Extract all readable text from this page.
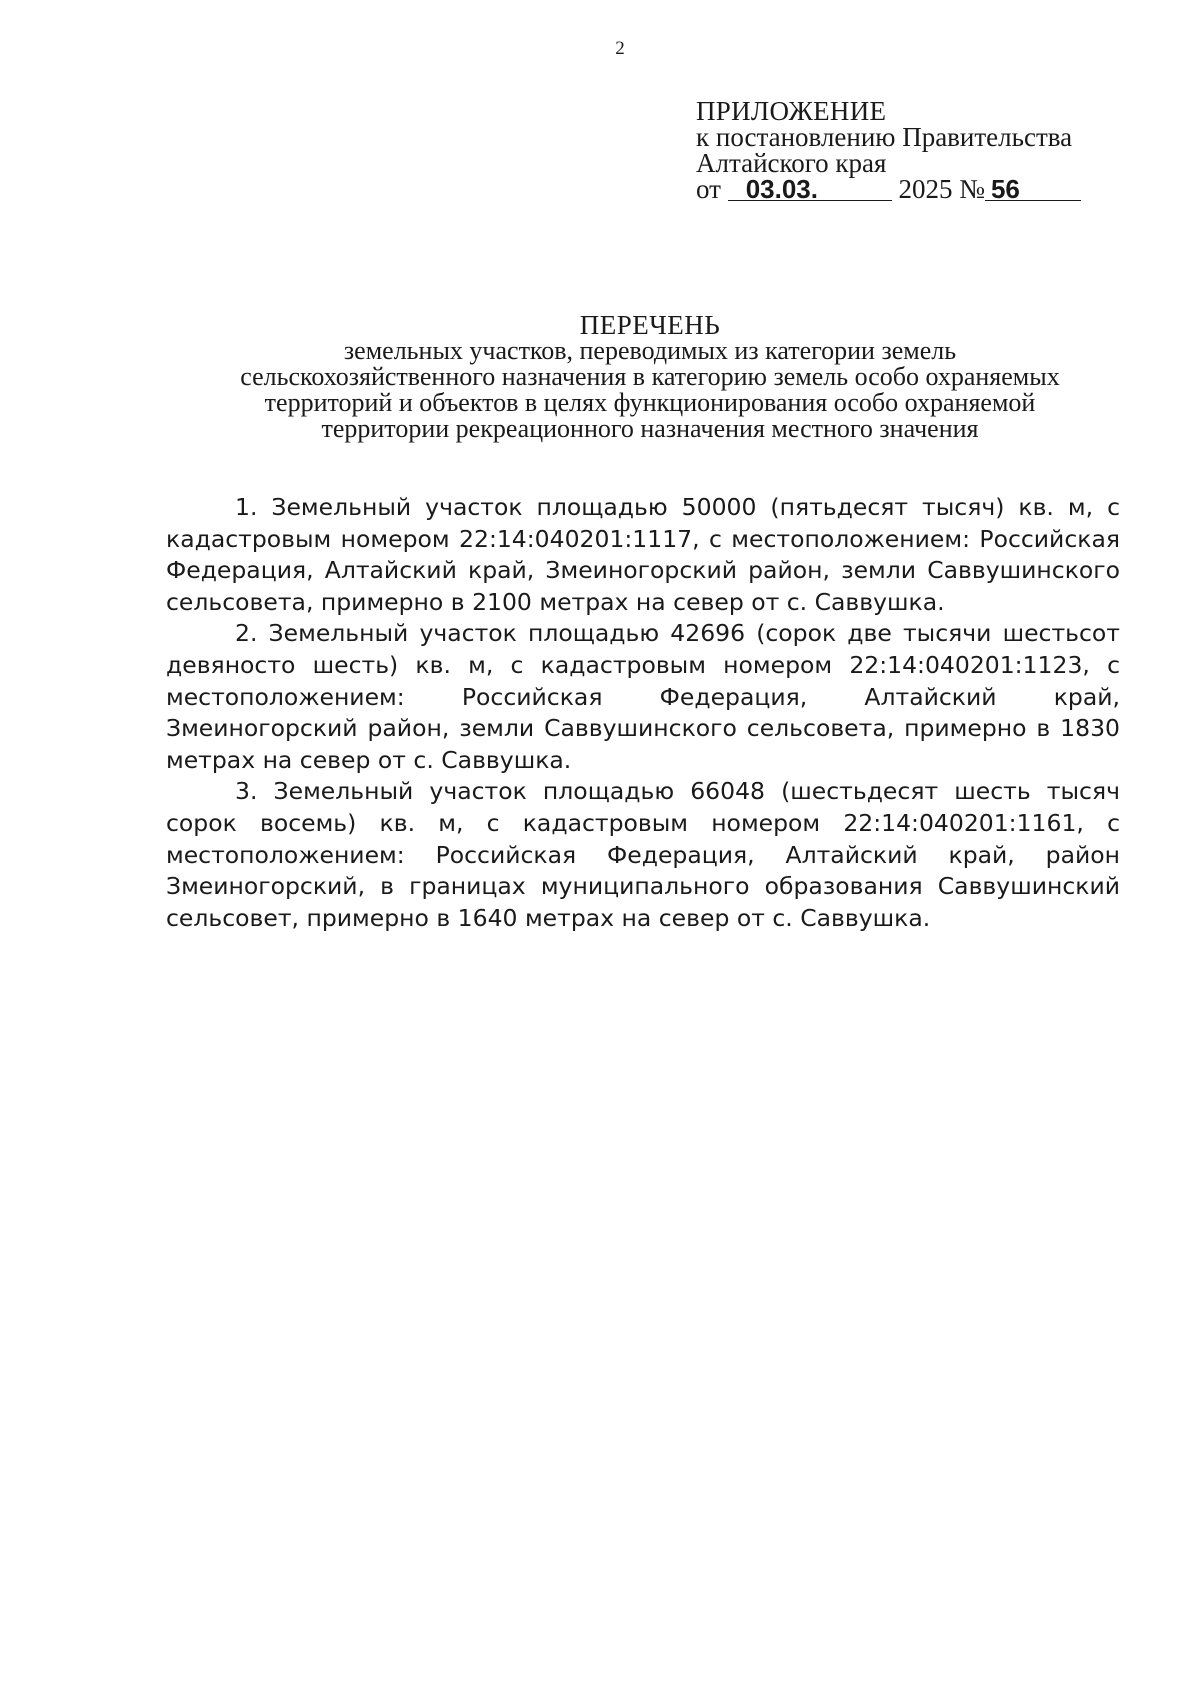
2
ПРИЛОЖЕНИЕ
к постановлению Правительства
Алтайского края
от 03.03.	2025 № 56
ПЕРЕЧЕНЬ
земельных участков, переводимых из категории земель
сельскохозяйственного назначения в категорию земель особо охраняемых
территорий и объектов в целях функционирования особо охраняемой
территории рекреационного назначения местного значения

1. Земельный участок площадью 50000 (пятьдесят тысяч) кв. м, с кадастровым номером 22:14:040201:1117, с местоположением: Российская Федерация, Алтайский край, Змеиногорский район, земли Саввушинского сельсовета, примерно в 2100 метрах на север от с. Саввушка.

2. Земельный участок площадью 42696 (сорок две тысячи шестьсот девяносто шесть) кв. м, с кадастровым номером 22:14:040201:1123, с местоположением: Российская Федерация, Алтайский край, Змеиногорский район, земли Саввушинского сельсовета, примерно в 1830 метрах на север от с. Саввушка.

3. Земельный участок площадью 66048 (шестьдесят шесть тысяч сорок восемь) кв. м, с кадастровым номером 22:14:040201:1161, с местоположением: Российская Федерация, Алтайский край, район Змеиногорский, в границах муниципального образования Саввушинский сельсовет, примерно в 1640 метрах на север от с. Саввушка.
